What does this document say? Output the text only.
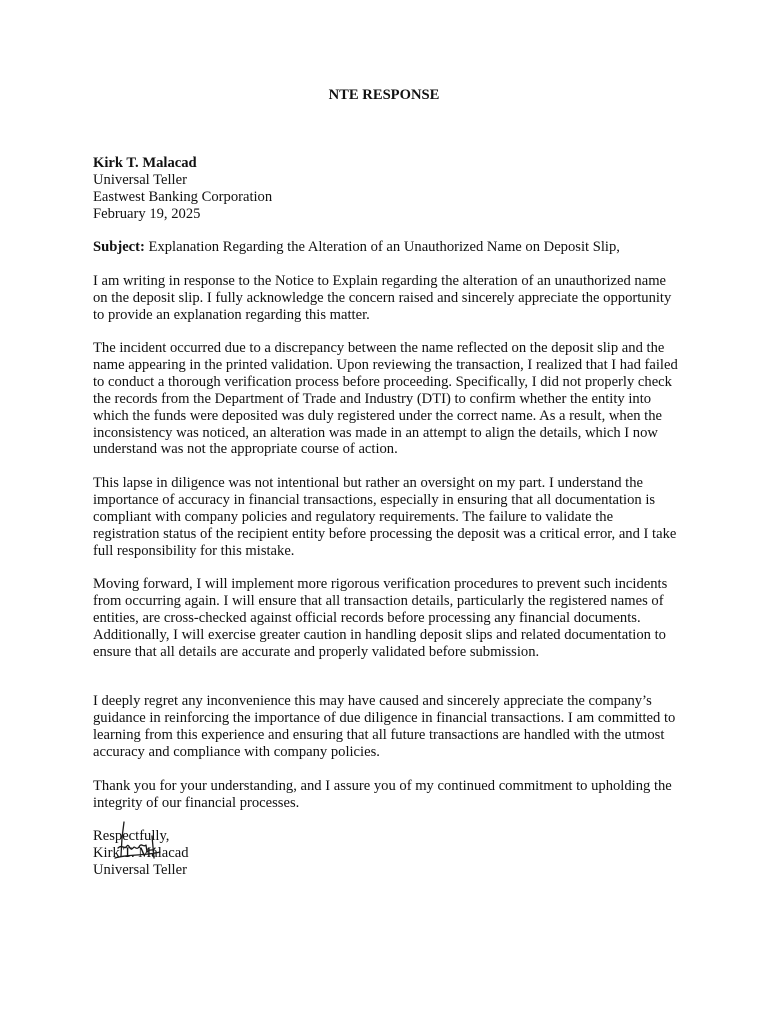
NTE RESPONSE
Kirk T. Malacad
Universal Teller
Eastwest Banking Corporation
February 19, 2025
Subject: Explanation Regarding the Alteration of an Unauthorized Name on Deposit Slip,

I am writing in response to the Notice to Explain regarding the alteration of an unauthorized name on the deposit slip. I fully acknowledge the concern raised and sincerely appreciate the opportunity to provide an explanation regarding this matter.

The incident occurred due to a discrepancy between the name reflected on the deposit slip and the name appearing in the printed validation. Upon reviewing the transaction, I realized that I had failed to conduct a thorough verification process before proceeding. Specifically, I did not properly check the records from the Department of Trade and Industry (DTI) to confirm whether the entity into which the funds were deposited was duly registered under the correct name. As a result, when the inconsistency was noticed, an alteration was made in an attempt to align the details, which I now understand was not the appropriate course of action.

This lapse in diligence was not intentional but rather an oversight on my part. I understand the importance of accuracy in financial transactions, especially in ensuring that all documentation is compliant with company policies and regulatory requirements. The failure to validate the registration status of the recipient entity before processing the deposit was a critical error, and I take full responsibility for this mistake.

Moving forward, I will implement more rigorous verification procedures to prevent such incidents from occurring again. I will ensure that all transaction details, particularly the registered names of entities, are cross-checked against official records before processing any financial documents. Additionally, I will exercise greater caution in handling deposit slips and related documentation to ensure that all details are accurate and properly validated before submission.

I deeply regret any inconvenience this may have caused and sincerely appreciate the company’s guidance in reinforcing the importance of due diligence in financial transactions. I am committed to learning from this experience and ensuring that all future transactions are handled with the utmost accuracy and compliance with company policies.

Thank you for your understanding, and I assure you of my continued commitment to upholding the integrity of our financial processes.

Respectfully,
Kirk T. Malacad
Universal Teller
